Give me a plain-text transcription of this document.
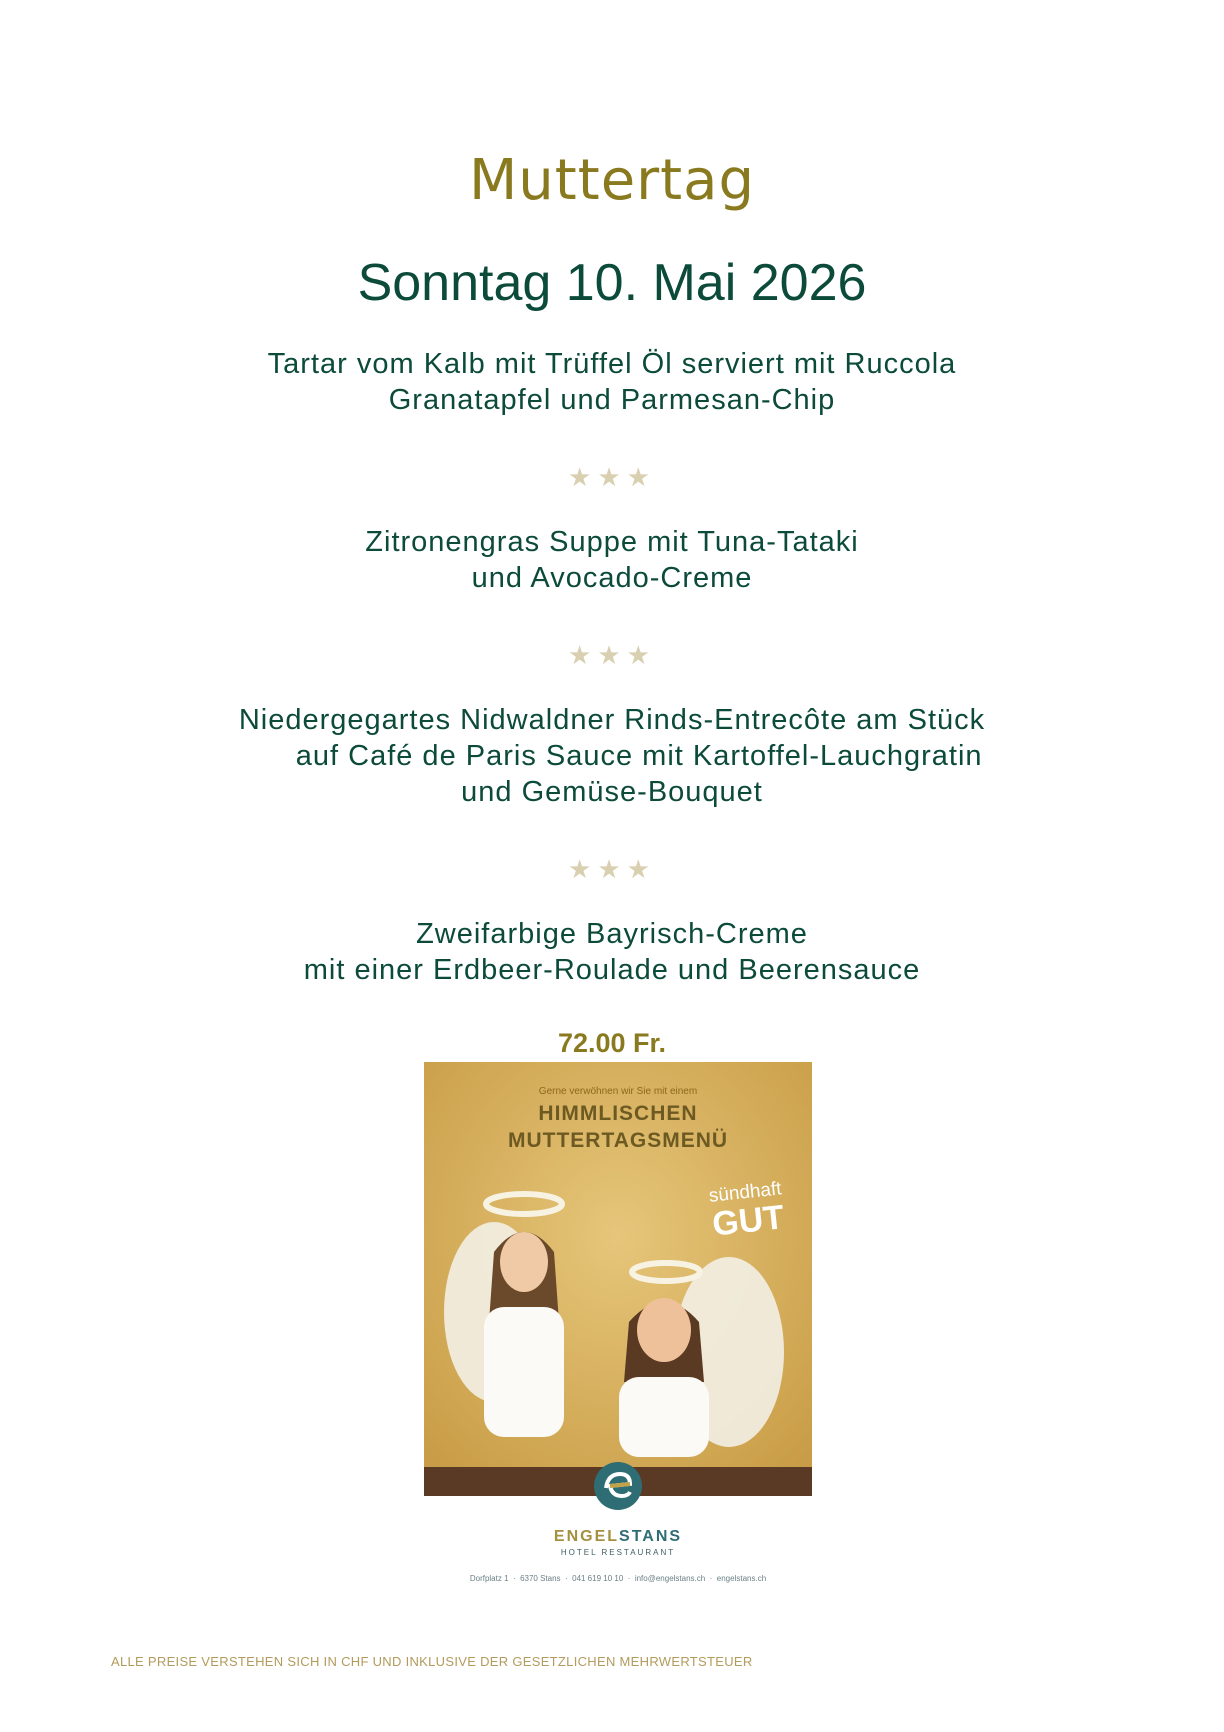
Muttertag
Sonntag 10. Mai 2026
Tartar vom Kalb mit Trüffel Öl serviert mit Ruccola
Granatapfel und Parmesan-Chip
★★★
Zitronengras Suppe mit Tuna-Tataki
und Avocado-Creme
★★★
Niedergegartes Nidwaldner Rinds-Entrecôte am Stück
auf Café de Paris Sauce mit Kartoffel-Lauchgratin
und Gemüse-Bouquet
★★★
Zweifarbige Bayrisch-Creme
mit einer Erdbeer-Roulade und Beerensauce
72.00 Fr.
Gerne verwöhnen wir Sie mit einem
HIMMLISCHEN
MUTTERTAGSMENÜ
sündhaft
GUT
ENGELSTANS
HOTEL RESTAURANT
Dorfplatz 1  ·  6370 Stans  ·  041 619 10 10  ·  info@engelstans.ch  ·  engelstans.ch
ALLE PREISE VERSTEHEN SICH IN CHF UND INKLUSIVE DER GESETZLICHEN MEHRWERTSTEUER
